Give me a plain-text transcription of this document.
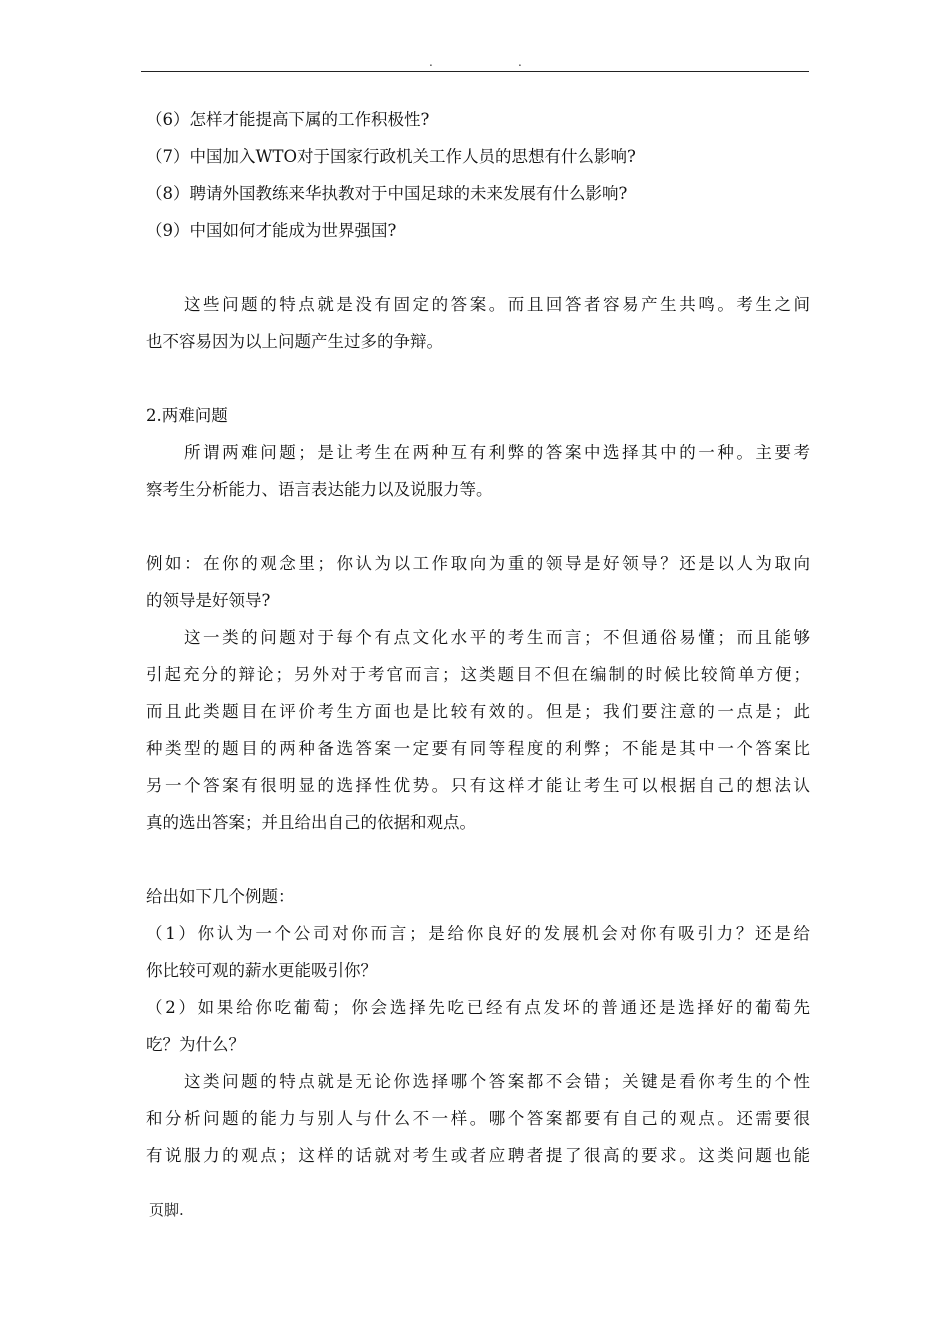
.	.
（6）怎样才能提高下属的工作积极性?
（7）中国加入WTO对于国家行政机关工作人员的思想有什么影响?
（8）聘请外国教练来华执教对于中国足球的未来发展有什么影响?
（9）中国如何才能成为世界强国?
这些问题的特点就是没有固定的答案。而且回答者容易产生共鸣。考生之间
也不容易因为以上问题产生过多的争辩。
2.两难问题
所谓两难问题；是让考生在两种互有利弊的答案中选择其中的一种。主要考
察考生分析能力、语言表达能力以及说服力等。
例如：在你的观念里；你认为以工作取向为重的领导是好领导？还是以人为取向
的领导是好领导?
这一类的问题对于每个有点文化水平的考生而言；不但通俗易懂；而且能够
引起充分的辩论；另外对于考官而言；这类题目不但在编制的时候比较简单方便；
而且此类题目在评价考生方面也是比较有效的。但是；我们要注意的一点是；此
种类型的题目的两种备选答案一定要有同等程度的利弊；不能是其中一个答案比
另一个答案有很明显的选择性优势。只有这样才能让考生可以根据自己的想法认
真的选出答案；并且给出自己的依据和观点。
给出如下几个例题：
（1）你认为一个公司对你而言；是给你良好的发展机会对你有吸引力？还是给
你比较可观的薪水更能吸引你？
（2）如果给你吃葡萄；你会选择先吃已经有点发坏的普通还是选择好的葡萄先
吃？为什么？
这类问题的特点就是无论你选择哪个答案都不会错；关键是看你考生的个性
和分析问题的能力与别人与什么不一样。哪个答案都要有自己的观点。还需要很
有说服力的观点；这样的话就对考生或者应聘者提了很高的要求。这类问题也能
页脚.
